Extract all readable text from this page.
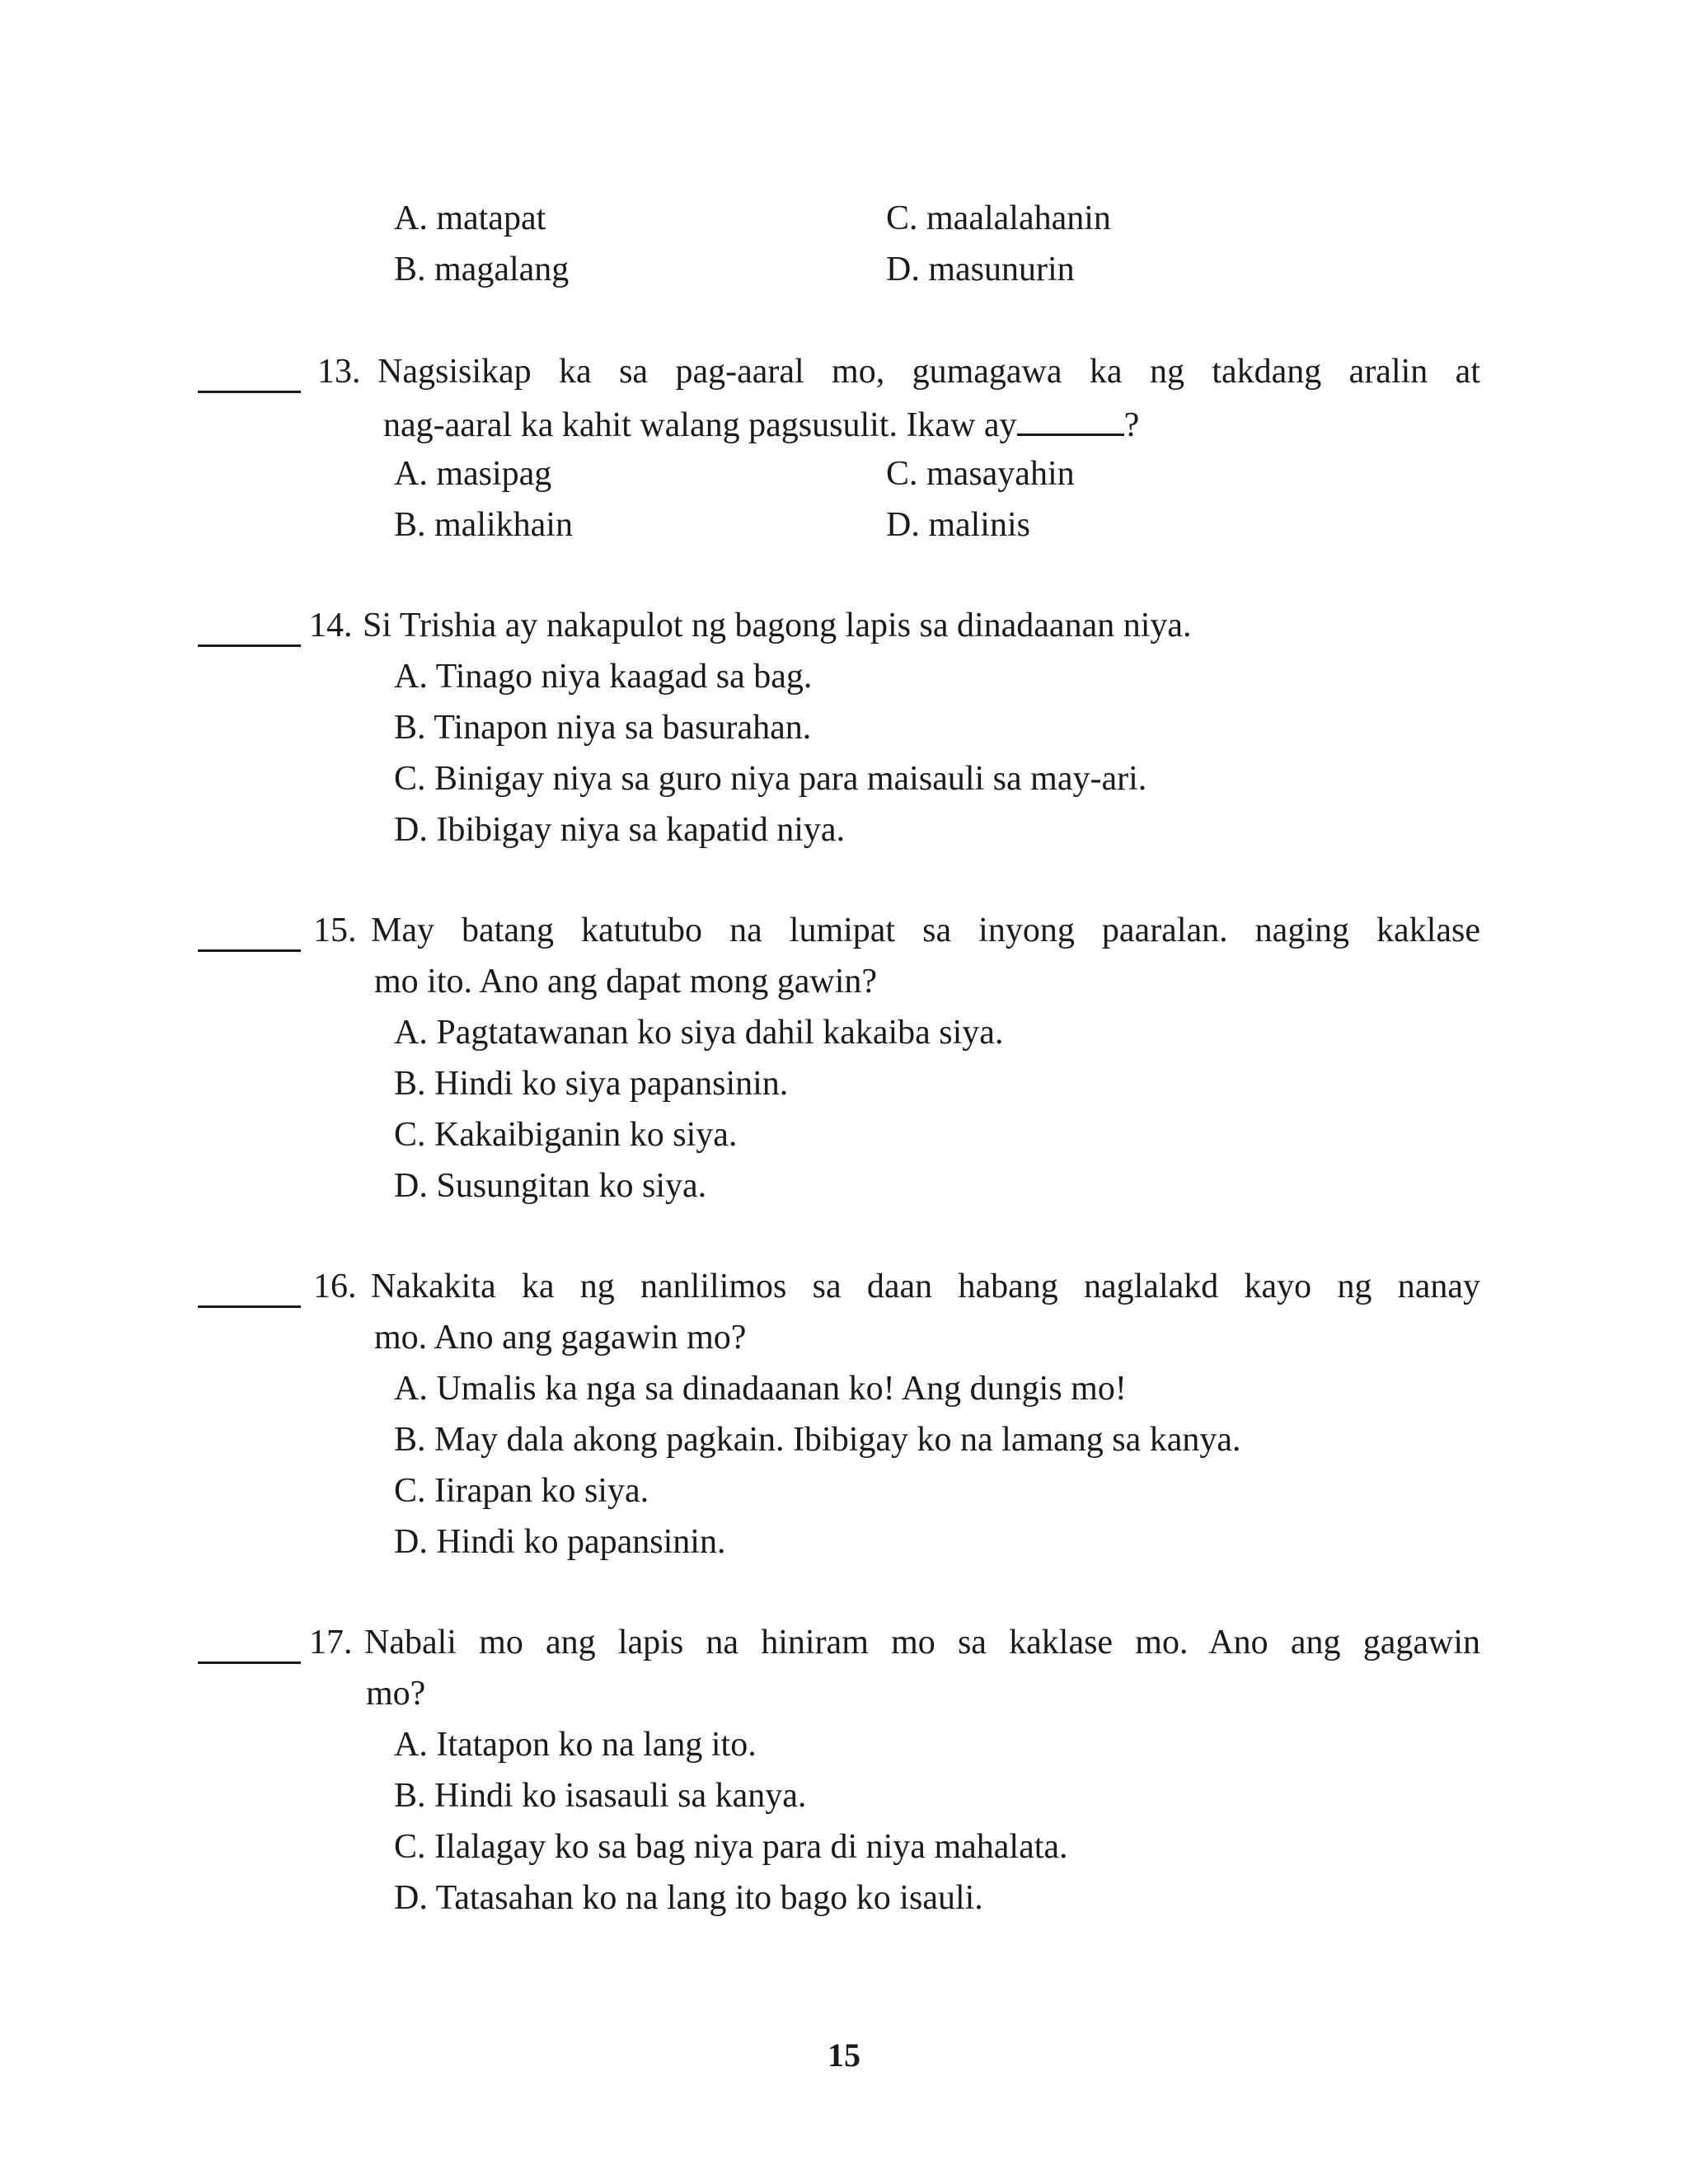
A. matapat	C. maalalahanin
B. magalang	D. masunurin
13. Nagsisikap ka sa pag-aaral mo, gumagawa ka ng takdang aralin at
nag-aaral ka kahit walang pagsusulit. Ikaw ay	?
A. masipag	C. masayahin
B. malikhain	D. malinis
14. Si Trishia ay nakapulot ng bagong lapis sa dinadaanan niya.
A. Tinago niya kaagad sa bag.
B. Tinapon niya sa basurahan.
C. Binigay niya sa guro niya para maisauli sa may-ari.
D. Ibibigay niya sa kapatid niya.
15. May batang katutubo na lumipat sa inyong paaralan. naging kaklase
mo ito. Ano ang dapat mong gawin?
A. Pagtatawanan ko siya dahil kakaiba siya.
B. Hindi ko siya papansinin.
C. Kakaibiganin ko siya.
D. Susungitan ko siya.
16. Nakakita ka ng nanlilimos sa daan habang naglalakd kayo ng nanay
mo. Ano ang gagawin mo?
A. Umalis ka nga sa dinadaanan ko! Ang dungis mo!
B. May dala akong pagkain. Ibibigay ko na lamang sa kanya.
C. Iirapan ko siya.
D. Hindi ko papansinin.
17. Nabali mo ang lapis na hiniram mo sa kaklase mo. Ano ang gagawin
mo?
A. Itatapon ko na lang ito.
B. Hindi ko isasauli sa kanya.
C. Ilalagay ko sa bag niya para di niya mahalata.
D. Tatasahan ko na lang ito bago ko isauli.
15
